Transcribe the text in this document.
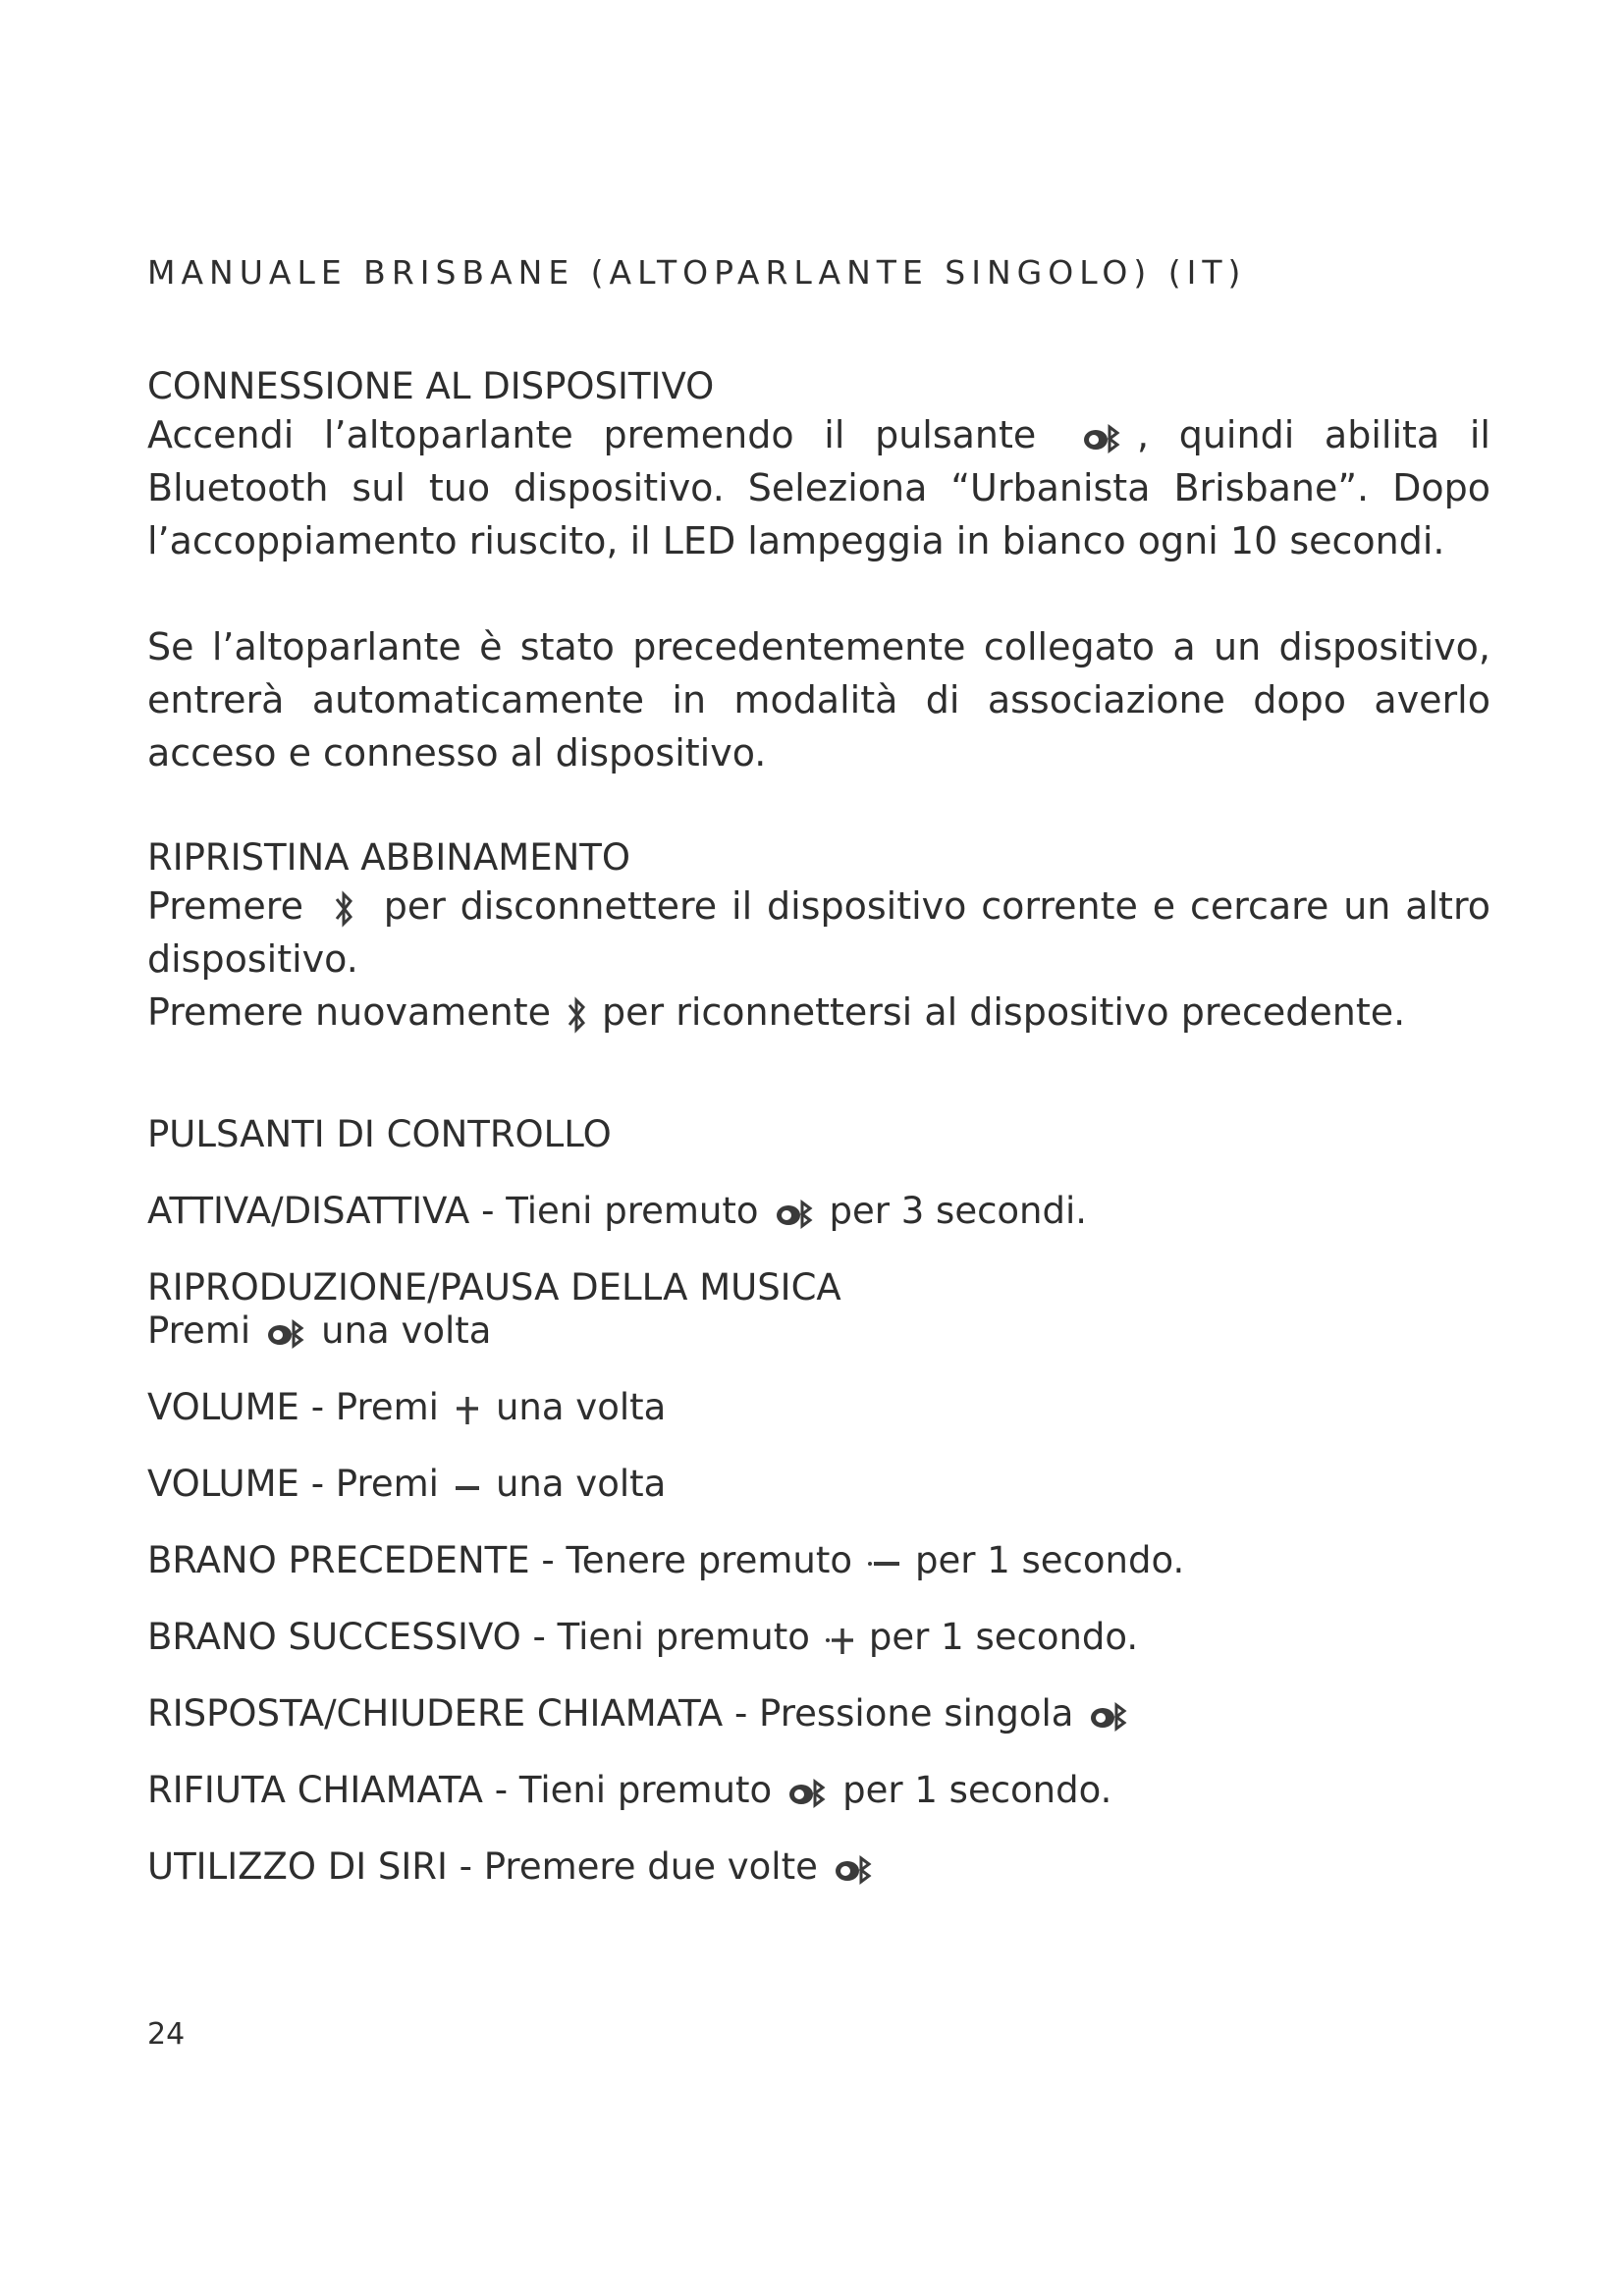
MANUALE BRISBANE (ALTOPARLANTE SINGOLO) (IT)
CONNESSIONE AL DISPOSITIVO
Accendi l’altoparlante premendo il pulsante	, quindi abilita il
Bluetooth sul tuo dispositivo. Seleziona “Urbanista Brisbane”. Dopo
l’accoppiamento riuscito, il LED lampeggia in bianco ogni 10 secondi.
Se l’altoparlante è stato precedentemente collegato a un dispositivo,
entrerà automaticamente in modalità di associazione dopo averlo
acceso e connesso al dispositivo.
RIPRISTINA ABBINAMENTO
Premere per disconnettere il dispositivo corrente e cercare un altro
dispositivo.
Premere nuovamente per riconnettersi al dispositivo precedente.
PULSANTI DI CONTROLLO
ATTIVA/DISATTIVA - Tieni premuto per 3 secondi.
RIPRODUZIONE/PAUSA DELLA MUSICA
Premi una volta
VOLUME - Premi una volta
VOLUME - Premi una volta
BRANO PRECEDENTE - Tenere premuto per 1 secondo.
BRANO SUCCESSIVO - Tieni premuto per 1 secondo.
RISPOSTA/CHIUDERE CHIAMATA - Pressione singola
RIFIUTA CHIAMATA - Tieni premuto per 1 secondo.
UTILIZZO DI SIRI - Premere due volte
24
